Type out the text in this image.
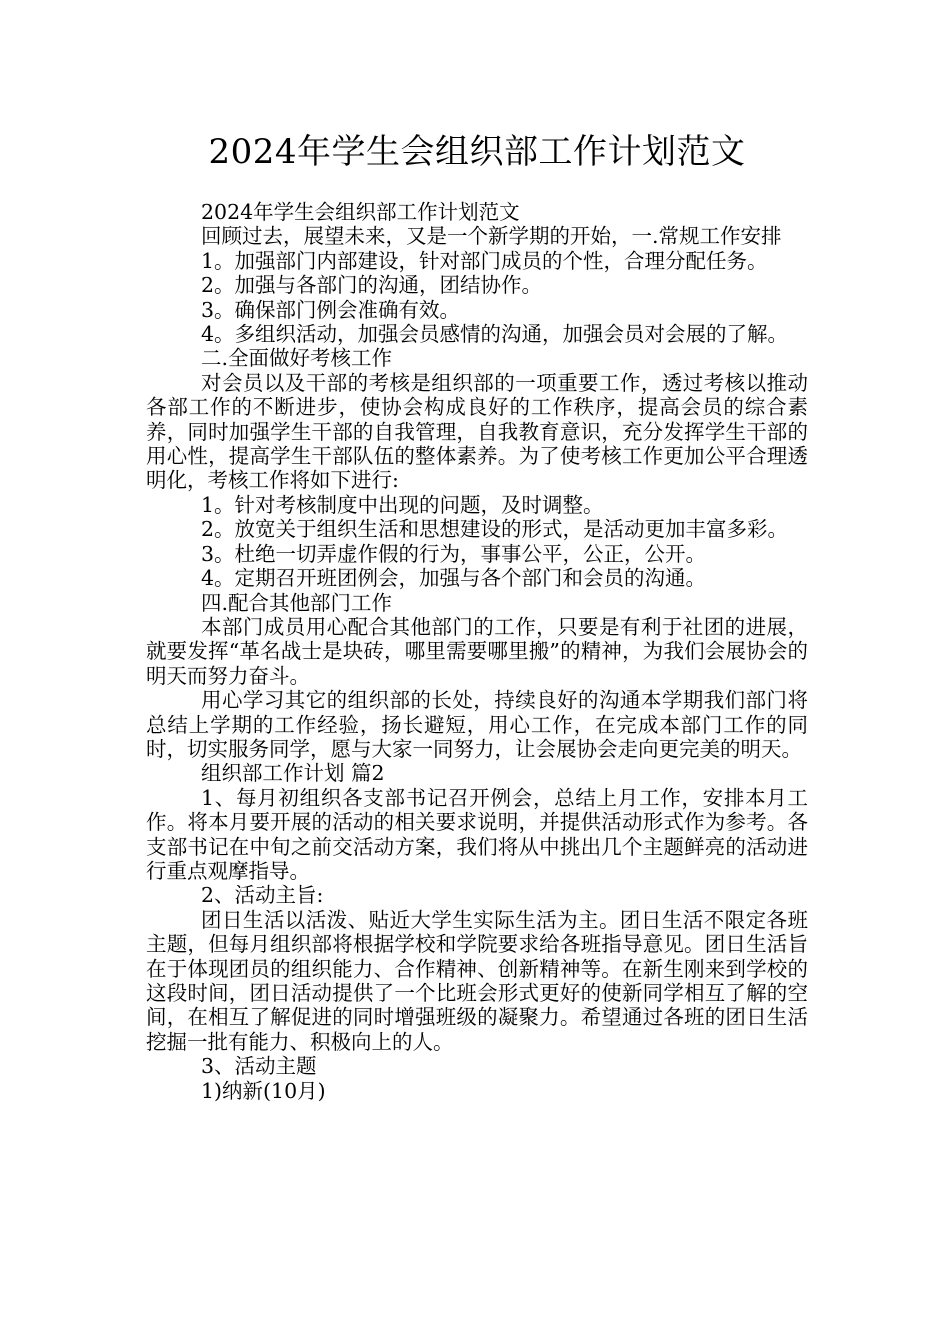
2024年学生会组织部工作计划范文

2024年学生会组织部工作计划范文

回顾过去，展望未来，又是一个新学期的开始，一.常规工作安排

1。加强部门内部建设，针对部门成员的个性，合理分配任务。

2。加强与各部门的沟通，团结协作。

3。确保部门例会准确有效。

4。多组织活动，加强会员感情的沟通，加强会员对会展的了解。

二.全面做好考核工作

对会员以及干部的考核是组织部的一项重要工作，透过考核以推动各部工作的不断进步，使协会构成良好的工作秩序，提高会员的综合素养，同时加强学生干部的自我管理，自我教育意识，充分发挥学生干部的用心性，提高学生干部队伍的整体素养。为了使考核工作更加公平合理透明化，考核工作将如下进行:

1。针对考核制度中出现的问题，及时调整。

2。放宽关于组织生活和思想建设的形式，是活动更加丰富多彩。

3。杜绝一切弄虚作假的行为，事事公平，公正，公开。

4。定期召开班团例会，加强与各个部门和会员的沟通。

四.配合其他部门工作

本部门成员用心配合其他部门的工作，只要是有利于社团的进展，就要发挥“革名战士是块砖，哪里需要哪里搬”的精神，为我们会展协会的明天而努力奋斗。

用心学习其它的组织部的长处，持续良好的沟通本学期我们部门将总结上学期的工作经验，扬长避短，用心工作，在完成本部门工作的同时，切实服务同学，愿与大家一同努力，让会展协会走向更完美的明天。

组织部工作计划 篇2

1、每月初组织各支部书记召开例会，总结上月工作，安排本月工作。将本月要开展的活动的相关要求说明，并提供活动形式作为参考。各支部书记在中旬之前交活动方案，我们将从中挑出几个主题鲜亮的活动进行重点观摩指导。

2、活动主旨:

团日生活以活泼、贴近大学生实际生活为主。团日生活不限定各班主题，但每月组织部将根据学校和学院要求给各班指导意见。团日生活旨在于体现团员的组织能力、合作精神、创新精神等。在新生刚来到学校的这段时间，团日活动提供了一个比班会形式更好的使新同学相互了解的空间，在相互了解促进的同时增强班级的凝聚力。希望通过各班的团日生活挖掘一批有能力、积极向上的人。

3、活动主题

1)纳新(10月)
